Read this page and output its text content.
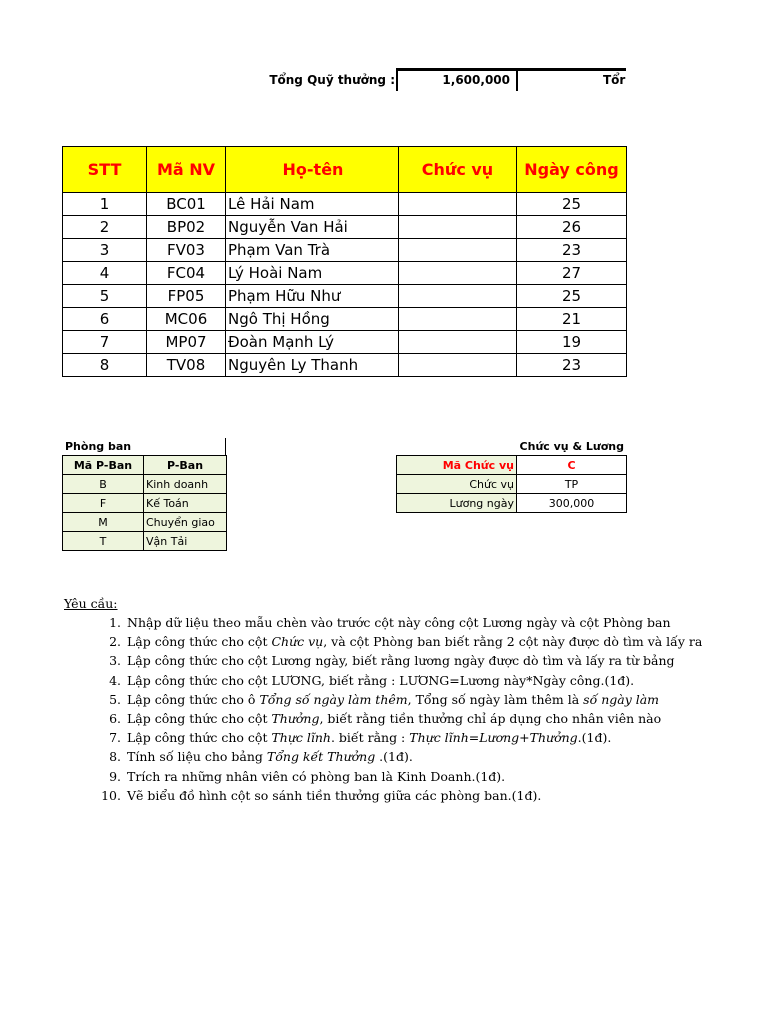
Tổng Quỹ thưởng :	1,600,000	Tổr
STT	Mã NV	Họ-tên	Chức vụ	Ngày công
1	BC01	Lê Hải Nam		25
2	BP02	Nguyễn Van Hải		26
3	FV03	Phạm Van Trà		23
4	FC04	Lý Hoài Nam		27
5	FP05	Phạm Hữu Như		25
6	MC06	Ngô Thị Hồng		21
7	MP07	Đoàn Mạnh Lý		19
8	TV08	Nguyên Ly Thanh		23
Phòng ban
Mã P-Ban	P-Ban
B	Kinh doanh
F	Kế Toán
M	Chuyển giao
T	Vận Tải
Chức vụ & Lương
Mã Chức vụ	C
Chức vụ	TP
Lương ngày	300,000
Yêu cầu:
1. Nhập dữ liệu theo mẫu chèn vào trước cột này công cột Lương ngày và cột Phòng ban
2. Lập công thức cho cột Chức vụ, và cột Phòng ban biết rằng 2 cột này được dò tìm và lấy ra
3. Lập công thức cho cột Lương ngày, biết rằng lương ngày được dò tìm và lấy ra từ bảng
4. Lập công thức cho cột LƯƠNG, biết rằng : LƯƠNG=Lương này*Ngày công.(1đ).
5. Lập công thức cho ô Tổng số ngày làm thêm, Tổng số ngày làm thêm là số ngày làm
6. Lập công thức cho cột Thưởng, biết rằng tiền thưởng chỉ áp dụng cho nhân viên nào
7. Lập công thức cho cột Thực lĩnh. biết rằng : Thực lĩnh=Lương+Thưởng.(1đ).
8. Tính số liệu cho bảng Tổng kết Thưởng .(1đ).
9. Trích ra những nhân viên có phòng ban là Kinh Doanh.(1đ).
10. Vẽ biểu đồ hình cột so sánh tiền thưởng giữa các phòng ban.(1đ).
